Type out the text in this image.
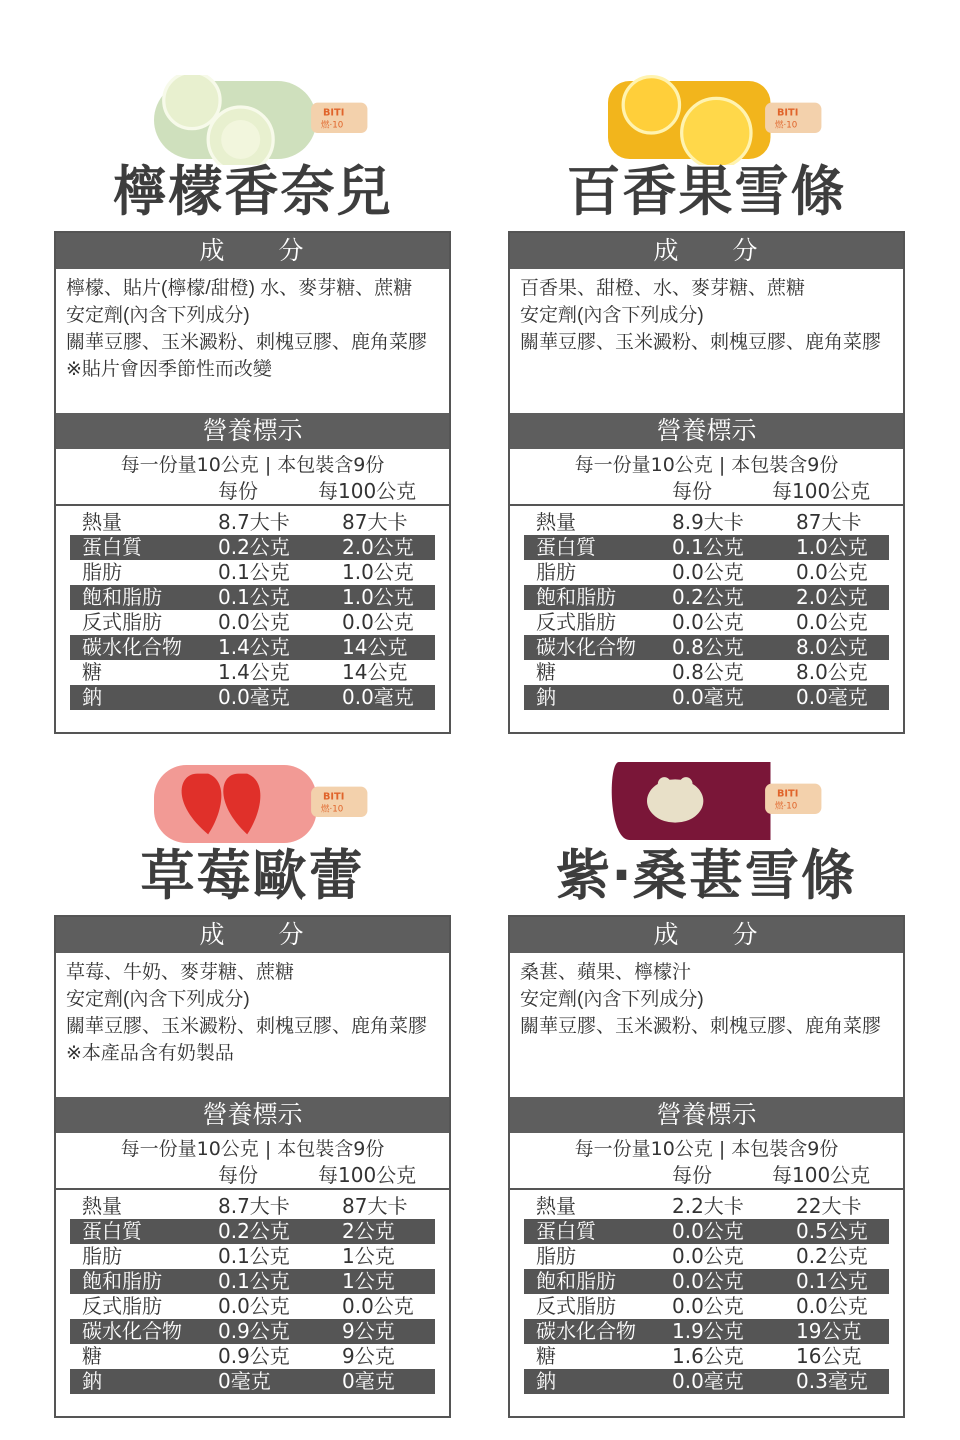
BITI
燃·10
檸檬香奈兒
成 分
檸檬、貼片(檸檬/甜橙) 水、麥芽糖、蔗糖
安定劑(內含下列成分)
關華豆膠、玉米澱粉、刺槐豆膠、鹿角菜膠
※貼片會因季節性而改變
營養標示
每一份量10公克 | 本包裝含9份
每份	每100公克
熱量	8.7大卡	87大卡
蛋白質	0.2公克	2.0公克
脂肪	0.1公克	1.0公克
飽和脂肪	0.1公克	1.0公克
反式脂肪	0.0公克	0.0公克
碳水化合物 1.4公克	14公克
糖	1.4公克	14公克
鈉	0.0毫克	0.0毫克
BITI
燃·10
百香果雪條
成 分
百香果、甜橙、水、麥芽糖、蔗糖
安定劑(內含下列成分)
關華豆膠、玉米澱粉、刺槐豆膠、鹿角菜膠
營養標示
每一份量10公克 | 本包裝含9份
每份	每100公克
熱量	8.9大卡	87大卡
蛋白質	0.1公克	1.0公克
脂肪	0.0公克	0.0公克
飽和脂肪	0.2公克	2.0公克
反式脂肪	0.0公克	0.0公克
碳水化合物 0.8公克	8.0公克
糖	0.8公克	8.0公克
鈉	0.0毫克	0.0毫克
BITI
燃·10
草莓歐蕾
成 分
草莓、牛奶、麥芽糖、蔗糖
安定劑(內含下列成分)
關華豆膠、玉米澱粉、刺槐豆膠、鹿角菜膠
※本產品含有奶製品
營養標示
每一份量10公克 | 本包裝含9份
每份	每100公克
熱量	8.7大卡	87大卡
蛋白質	0.2公克	2公克
脂肪	0.1公克	1公克
飽和脂肪	0.1公克	1公克
反式脂肪	0.0公克	0.0公克
碳水化合物 0.9公克	9公克
糖	0.9公克	9公克
鈉	0毫克	0毫克
BITI
燃·10
紫‧桑葚雪條
成 分
桑葚、蘋果、檸檬汁
安定劑(內含下列成分)
關華豆膠、玉米澱粉、刺槐豆膠、鹿角菜膠
營養標示
每一份量10公克 | 本包裝含9份
每份	每100公克
熱量	2.2大卡	22大卡
蛋白質	0.0公克	0.5公克
脂肪	0.0公克	0.2公克
飽和脂肪	0.0公克	0.1公克
反式脂肪	0.0公克	0.0公克
碳水化合物 1.9公克	19公克
糖	1.6公克	16公克
鈉	0.0毫克	0.3毫克
